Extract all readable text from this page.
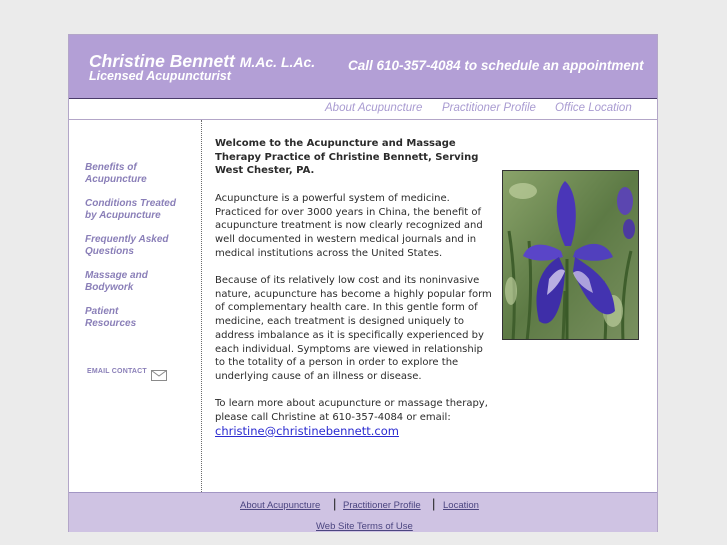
Christine Bennett M.Ac. L.Ac.
Licensed Acupuncturist
Call 610-357-4084 to schedule an appointment
About Acupuncture Practitioner Profile Office Location
Benefits of
Acupuncture
Conditions Treated
by Acupuncture
Frequently Asked
Questions
Massage and
Bodywork
Patient
Resources
EMAIL CONTACT

Welcome to the Acupuncture and Massage Therapy Practice of Christine Bennett, Serving West Chester, PA.

Acupuncture is a powerful system of medicine. Practiced for over 3000 years in China, the benefit of acupuncture treatment is now clearly recognized and well documented in western medical journals and in medical institutions across the United States.

Because of its relatively low cost and its noninvasive nature, acupuncture has become a highly popular form of complementary health care. In this gentle form of medicine, each treatment is designed uniquely to address imbalance as it is specifically experienced by each individual. Symptoms are viewed in relationship to the totality of a person in order to explore the underlying cause of an illness or disease.

To learn more about acupuncture or massage therapy, please call Christine at 610-357-4084 or email:

christine@christinebennett.com
About Acupuncture | Practitioner Profile | Location
Web Site Terms of Use
